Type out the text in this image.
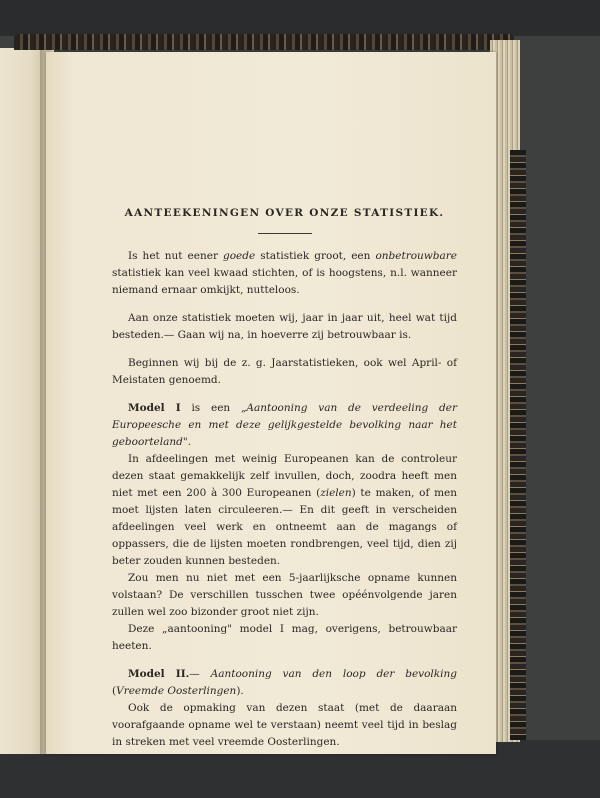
AANTEEKENINGEN OVER ONZE STATISTIEK.

Is het nut eener goede statistiek groot, een onbetrouwbare statistiek kan veel kwaad stichten, of is hoogstens, n.l. wanneer niemand ernaar omkijkt, nutteloos.

Aan onze statistiek moeten wij, jaar in jaar uit, heel wat tijd besteden.— Gaan wij na, in hoeverre zij betrouwbaar is.

Beginnen wij bij de z. g. Jaarstatistieken, ook wel April- of Meistaten genoemd.

Model I is een „Aantooning van de verdeeling der Europeesche en met deze gelijkgestelde bevolking naar het geboorteland".

In afdeelingen met weinig Europeanen kan de controleur dezen staat gemakkelijk zelf invullen, doch, zoodra heeft men niet met een 200 à 300 Europeanen (zielen) te maken, of men moet lijsten laten circuleeren.— En dit geeft in verscheiden afdeelingen veel werk en ontneemt aan de magangs of oppassers, die de lijsten moeten rondbrengen, veel tijd, dien zij beter zouden kunnen besteden.

Zou men nu niet met een 5-jaarlijksche opname kunnen volstaan? De verschillen tusschen twee opéénvolgende jaren zullen wel zoo bizonder groot niet zijn.

Deze „aantooning" model I mag, overigens, betrouwbaar heeten.

Model II.— Aantooning van den loop der bevolking (Vreemde Oosterlingen).

Ook de opmaking van dezen staat (met de daaraan voorafgaande opname wel te verstaan) neemt veel tijd in beslag in streken met veel vreemde Oosterlingen.
